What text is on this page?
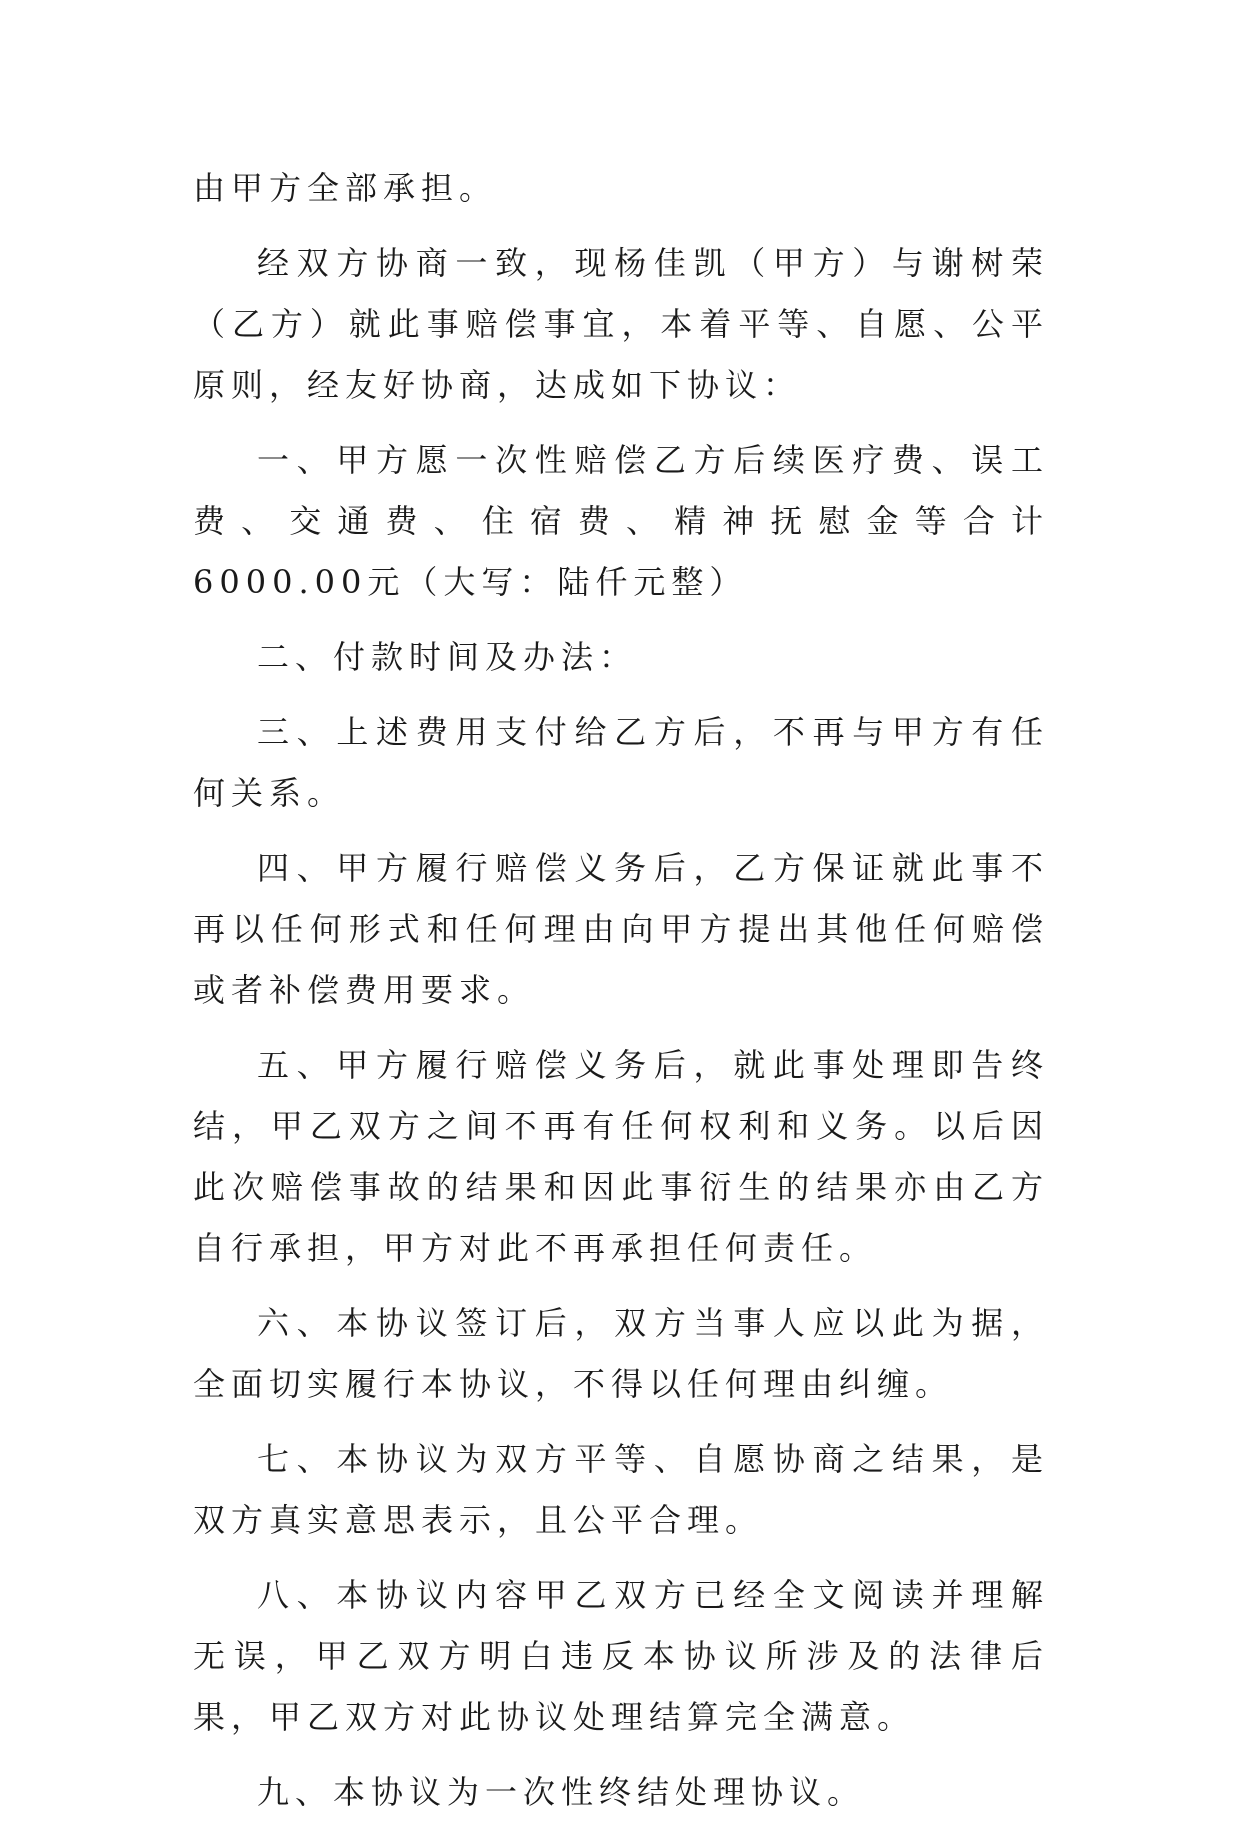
由甲方全部承担。

经双方协商一致，现杨佳凯（甲方）与谢树荣（乙方）就此事赔偿事宜，本着平等、自愿、公平原则，经友好协商，达成如下协议：

一、甲方愿一次性赔偿乙方后续医疗费、误工费、交通费、住宿费、精神抚慰金等合计6000.00元（大写：陆仟元整）

二、付款时间及办法：

三、上述费用支付给乙方后，不再与甲方有任何关系。

四、甲方履行赔偿义务后，乙方保证就此事不再以任何形式和任何理由向甲方提出其他任何赔偿或者补偿费用要求。

五、甲方履行赔偿义务后，就此事处理即告终结，甲乙双方之间不再有任何权利和义务。以后因此次赔偿事故的结果和因此事衍生的结果亦由乙方自行承担，甲方对此不再承担任何责任。

六、本协议签订后，双方当事人应以此为据，全面切实履行本协议，不得以任何理由纠缠。

七、本协议为双方平等、自愿协商之结果，是双方真实意思表示，且公平合理。

八、本协议内容甲乙双方已经全文阅读并理解无误，甲乙双方明白违反本协议所涉及的法律后果，甲乙双方对此协议处理结算完全满意。

九、本协议为一次性终结处理协议。
